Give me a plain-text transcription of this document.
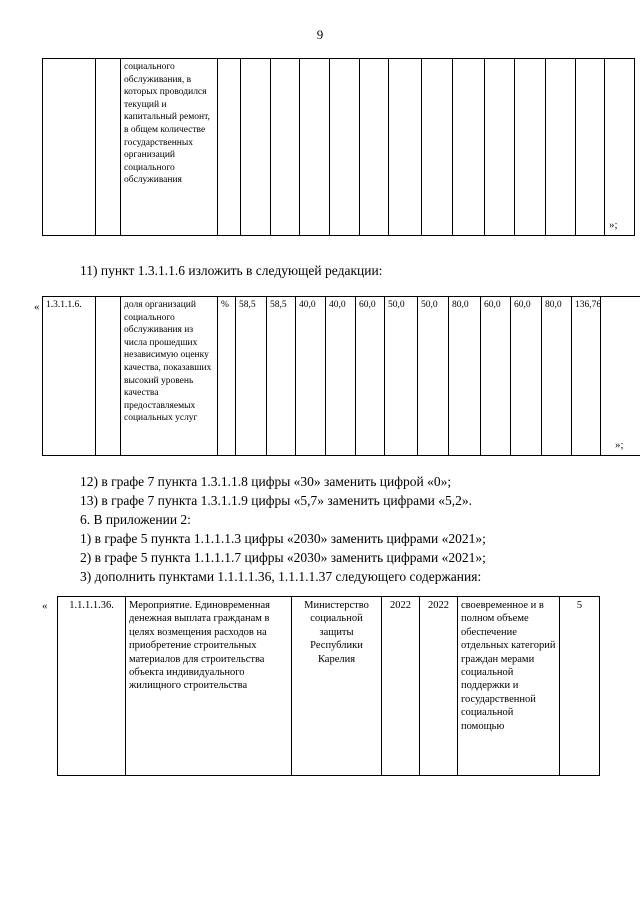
9
		социального обслуживания, в которых проводился текущий и капитальный ремонт, в общем количестве государственных организаций социального обслуживания														
»;
11) пункт 1.3.1.1.6 изложить в следующей редакции:
« 1.3.1.1.6.		доля организаций социального обслуживания из числа прошедших независимую оценку качества, показавших высокий уровень качества предоставляемых социальных услуг	%	58,5	58,5	40,0	40,0	60,0	50,0	50,0	80,0	60,0	60,0	80,0	136,76	
»;
12) в графе 7 пункта 1.3.1.1.8 цифры «30» заменить цифрой «0»;
13) в графе 7 пункта 1.3.1.1.9 цифры «5,7» заменить цифрами «5,2».
6. В приложении 2:
1) в графе 5 пункта 1.1.1.1.3 цифры «2030» заменить цифрами «2021»;
2) в графе 5 пункта 1.1.1.1.7 цифры «2030» заменить цифрами «2021»;
3) дополнить пунктами 1.1.1.1.36, 1.1.1.1.37 следующего содержания:
« 1.1.1.1.36.	Мероприятие. Единовременная денежная выплата гражданам в целях возмещения расходов на приобретение строительных материалов для строительства объекта индивидуального жилищного строительства	Министерство социальной защиты Республики Карелия	2022	2022	своевременное и в полном объеме обеспечение отдельных категорий граждан мерами социальной поддержки и государственной социальной помощью	5
